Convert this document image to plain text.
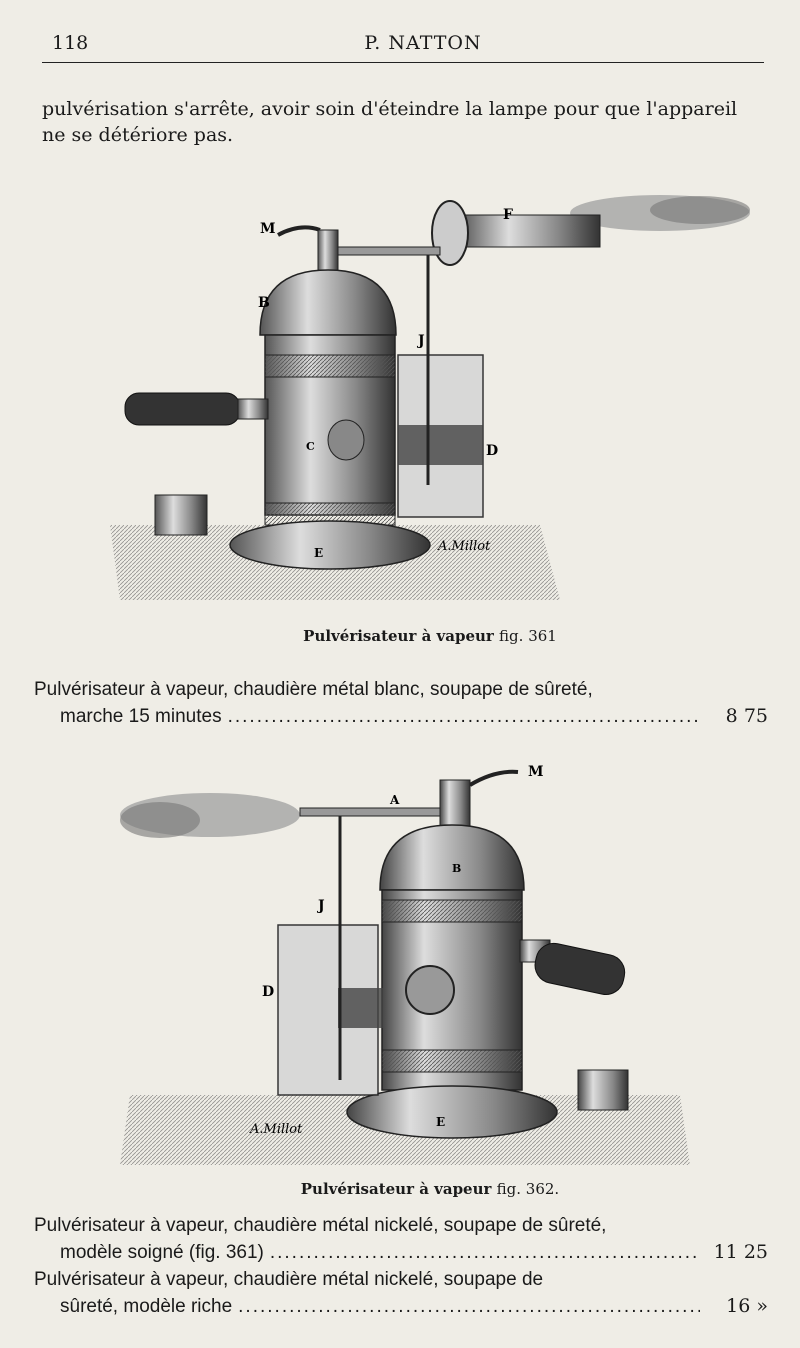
118	P. NATTON
pulvérisation s'arrête, avoir soin d'éteindre la lampe pour que l'appareil
ne se détériore pas.
M
F
B
J
C	D
E	A.Millot
Pulvérisateur à vapeur fig. 361
Pulvérisateur à vapeur, chaudière métal blanc, soupape de sûreté,
marche 15 minutes .....	8 75
M
A
B
J
D
E
A.Millot
Pulvérisateur à vapeur fig. 362.
Pulvérisateur à vapeur, chaudière métal nickelé, soupape de sûreté,
modèle soigné (fig. 361) .....	11 25
Pulvérisateur à vapeur, chaudière métal nickelé, soupape de
sûreté, modèle riche .....	16 »
